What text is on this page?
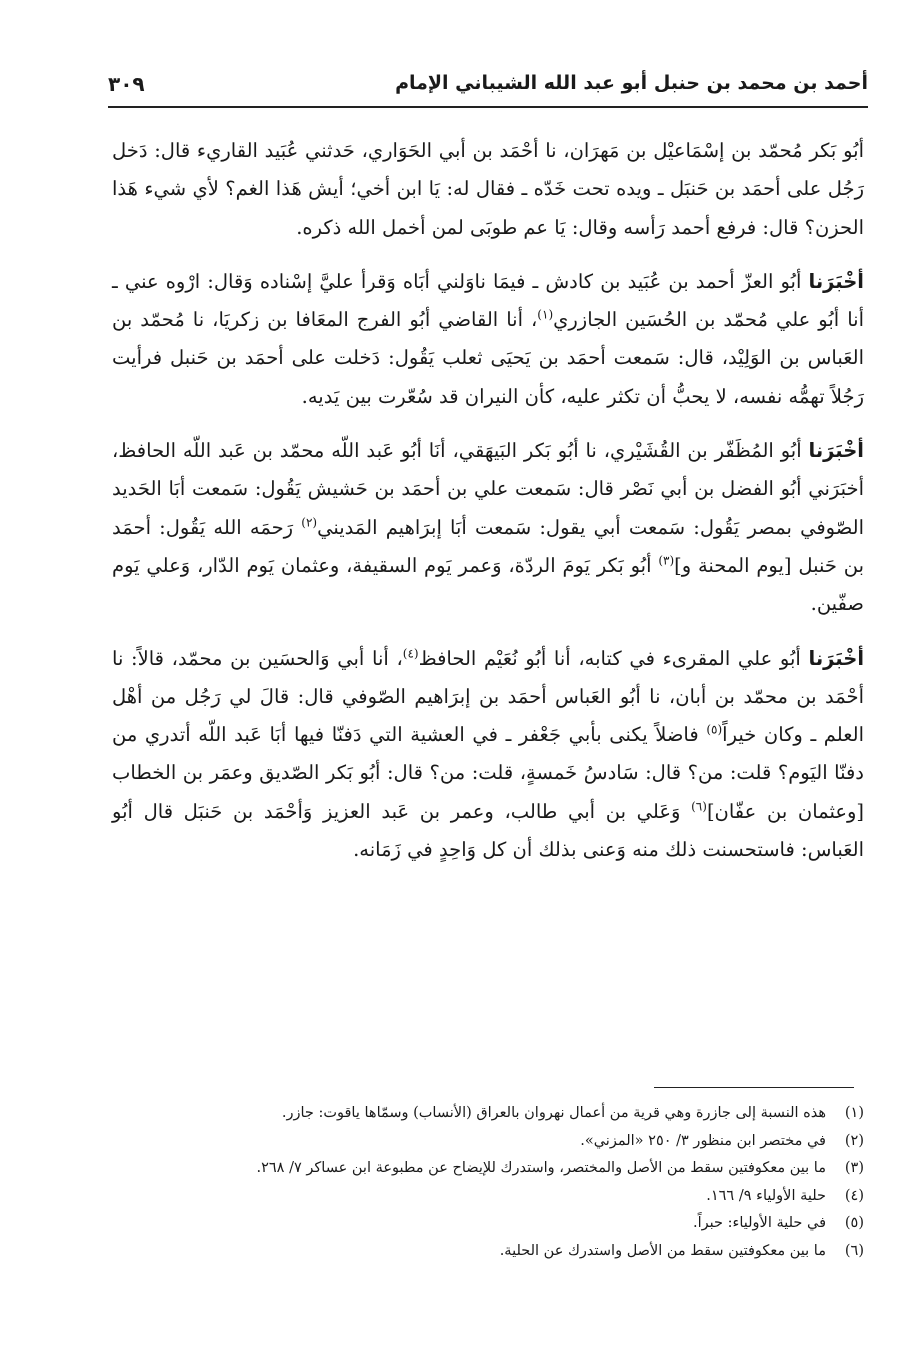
أحمد بن محمد بن حنبل أبو عبد الله الشيباني الإمام
٣٠٩

أبُو بَكر مُحمّد بن إسْمَاعيْل بن مَهرَان، نا أحْمَد بن أبي الحَوَاري، حَدثني عُبَيد القاريء قال: دَخل رَجُل على أحمَد بن حَنبَل ـ ويده تحت خَدّه ـ فقال له: يَا ابن أخي؛ أيش هَذا الغم؟ لأي شيء هَذا الحزن؟ قال: فرفع أحمد رَأسه وقال: يَا عم طوبَى لمن أخمل الله ذكره.

أخْبَرَنا أبُو العزّ أحمد بن عُبَيد بن كادش ـ فيمَا ناوَلني أبَاه وَقرأ عليَّ إسْناده وَقال: ارْوه عني ـ أنا أبُو علي مُحمّد بن الحُسَين الجازري$^{(١)}$، أنا القاضي أبُو الفرج المعَافا بن زكريَا، نا مُحمّد بن العَباس بن الوَلِيْد، قال: سَمعت أحمَد بن يَحيَى ثعلب يَقُول: دَخلت على أحمَد بن حَنبل فرأيت رَجُلاً تهمُّه نفسه، لا يحبُّ أن تكثر عليه، كأن النيران قد سُعّرت بين يَديه.

أخْبَرَنا أبُو المُظَفّر بن القُشَيْري، نا أبُو بَكر البَيهَقي، أنَا أبُو عَبد اللّه محمّد بن عَبد اللّه الحافظ، أخبَرَني أبُو الفضل بن أبي نَصْر قال: سَمعت علي بن أحمَد بن حَشيش يَقُول: سَمعت أبَا الحَديد الصّوفي بمصر يَقُول: سَمعت أبي يقول: سَمعت أبَا إبرَاهيم المَديني$^{(٢)}$ رَحمَه الله يَقُول: أحمَد بن حَنبل [يوم المحنة و]$^{(٣)}$ أبُو بَكر يَومَ الردّة، وَعمر يَوم السقيفة، وعثمان يَوم الدّار، وَعلي يَوم صفّين.

أخْبَرَنا أبُو علي المقرىء في كتابه، أنا أبُو نُعَيْم الحافظ$^{(٤)}$، أنا أبي وَالحسَين بن محمّد، قالاً: نا أحْمَد بن محمّد بن أبان، نا أبُو العَباس أحمَد بن إبرَاهيم الصّوفي قال: قالَ لي رَجُل من أهْل العلم ـ وكان خيراً$^{(٥)}$ فاضلاً يكنى بأبي جَعْفر ـ في العشية التي دَفنّا فيها أبَا عَبد اللّه أتدري من دفنّا اليَوم؟ قلت: من؟ قال: سَادسُ خَمسةٍ، قلت: من؟ قال: أبُو بَكر الصّديق وعمَر بن الخطاب [وعثمان بن عفّان]$^{(٦)}$ وَعَلي بن أبي طالب، وعمر بن عَبد العزيز وَأحْمَد بن حَنبَل قال أبُو العَباس: فاستحسنت ذلك منه وَعنى بذلك أن كل وَاحِدٍ في زَمَانه.

(١)
هذه النسبة إلى جازرة وهي قرية من أعمال نهروان بالعراق (الأنساب) وسمّاها ياقوت: جازر.
(٢)
في مختصر ابن منظور ٣/ ٢٥٠ «المزني».
(٣)
ما بين معكوفتين سقط من الأصل والمختصر، واستدرك للإيضاح عن مطبوعة ابن عساكر ٧/ ٢٦٨.
(٤)
حلية الأولياء ٩/ ١٦٦.
(٥)
في حلية الأولياء: حبراً.
(٦)
ما بين معكوفتين سقط من الأصل واستدرك عن الحلية.
